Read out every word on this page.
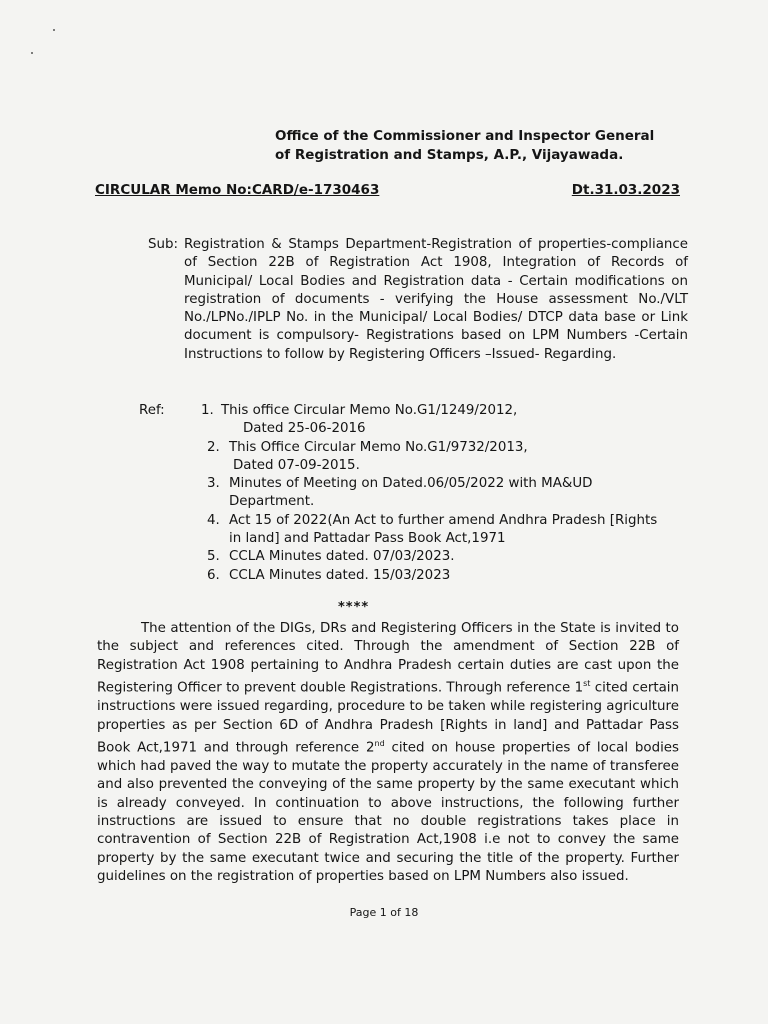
Office of the Commissioner and Inspector General
of Registration and Stamps, A.P., Vijayawada.
CIRCULAR Memo No:CARD/e-1730463	Dt.31.03.2023
Sub: Registration & Stamps Department-Registration of properties-compliance of Section 22B of Registration Act 1908, Integration of Records of Municipal/ Local Bodies and Registration data - Certain modifications on registration of documents - verifying the House assessment No./VLT No./LPNo./IPLP No. in the Municipal/ Local Bodies/ DTCP data base or Link document is compulsory- Registrations based on LPM Numbers -Certain Instructions to follow by Registering Officers –Issued- Regarding.
Ref:	1. This office Circular Memo No.G1/1249/2012,
Dated 25-06-2016
2. This Office Circular Memo No.G1/9732/2013,
Dated 07-09-2015.
3. Minutes of Meeting on Dated.06/05/2022 with MA&UD
Department.
4. Act 15 of 2022(An Act to further amend Andhra Pradesh [Rights
in land] and Pattadar Pass Book Act,1971
5. CCLA Minutes dated. 07/03/2023.
6. CCLA Minutes dated. 15/03/2023
****
The attention of the DIGs, DRs and Registering Officers in the State is invited to the subject and references cited. Through the amendment of Section 22B of Registration Act 1908 pertaining to Andhra Pradesh certain duties are cast upon the Registering Officer to prevent double Registrations. Through reference 1st cited certain instructions were issued regarding, procedure to be taken while registering agriculture properties as per Section 6D of Andhra Pradesh [Rights in land] and Pattadar Pass Book Act,1971 and through reference 2nd cited on house properties of local bodies which had paved the way to mutate the property accurately in the name of transferee and also prevented the conveying of the same property by the same executant which is already conveyed. In continuation to above instructions, the following further instructions are issued to ensure that no double registrations takes place in contravention of Section 22B of Registration Act,1908 i.e not to convey the same property by the same executant twice and securing the title of the property. Further guidelines on the registration of properties based on LPM Numbers also issued.
Page 1 of 18
